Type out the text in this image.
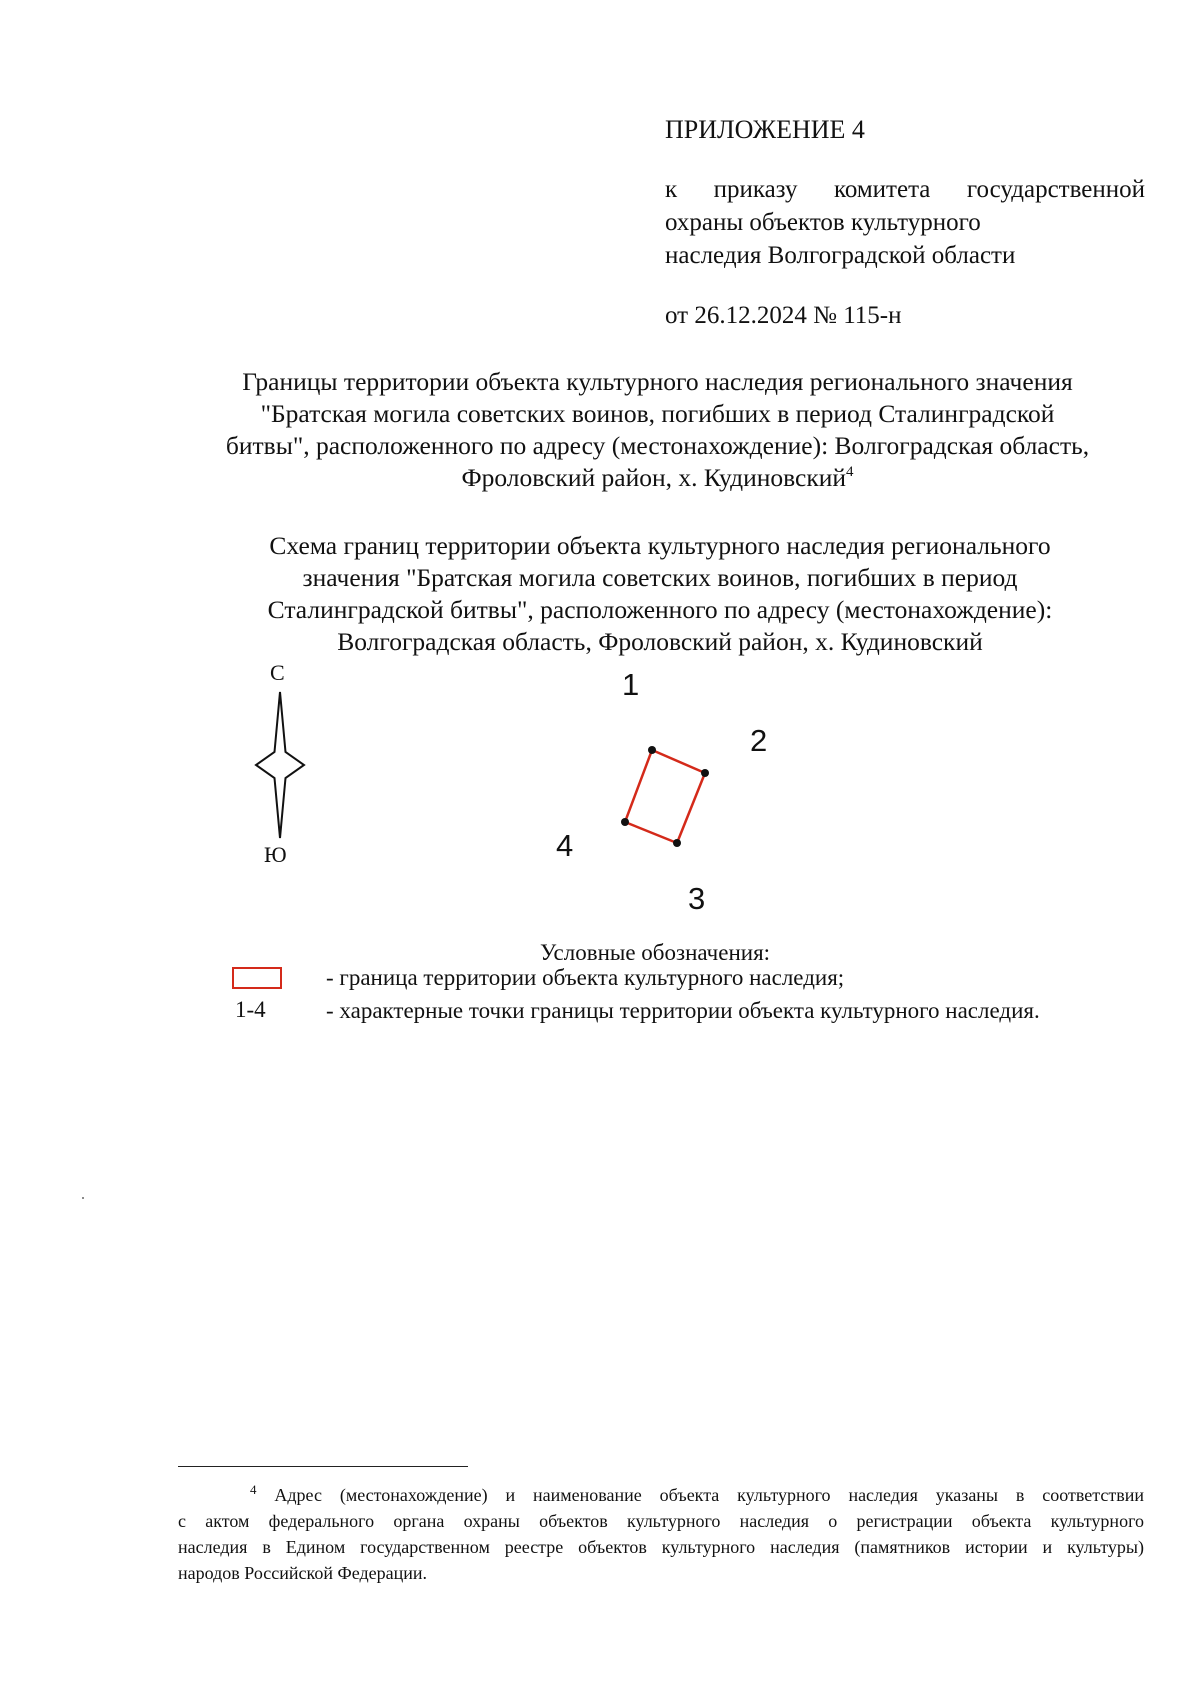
ПРИЛОЖЕНИЕ 4
к приказу комитета государственной
охраны объектов культурного
наследия Волгоградской области
от 26.12.2024 № 115-н
Границы территории объекта культурного наследия регионального значения
"Братская могила советских воинов, погибших в период Сталинградской
битвы", расположенного по адресу (местонахождение): Волгоградская область,
Фроловский район, х. Кудиновский$^4$
Схема границ территории объекта культурного наследия регионального
значения "Братская могила советских воинов, погибших в период
Сталинградской битвы", расположенного по адресу (местонахождение):
Волгоградская область, Фроловский район, х. Кудиновский
С
Ю
1
2
3
4
Условные обозначения:
- граница территории объекта культурного наследия;
1-4	- характерные точки границы территории объекта культурного наследия.
$^4$ Адрес (местонахождение) и наименование объекта культурного наследия указаны в соответствии
с актом федерального органа охраны объектов культурного наследия о регистрации объекта культурного
наследия в Едином государственном реестре объектов культурного наследия (памятников истории и культуры)
народов Российской Федерации.
